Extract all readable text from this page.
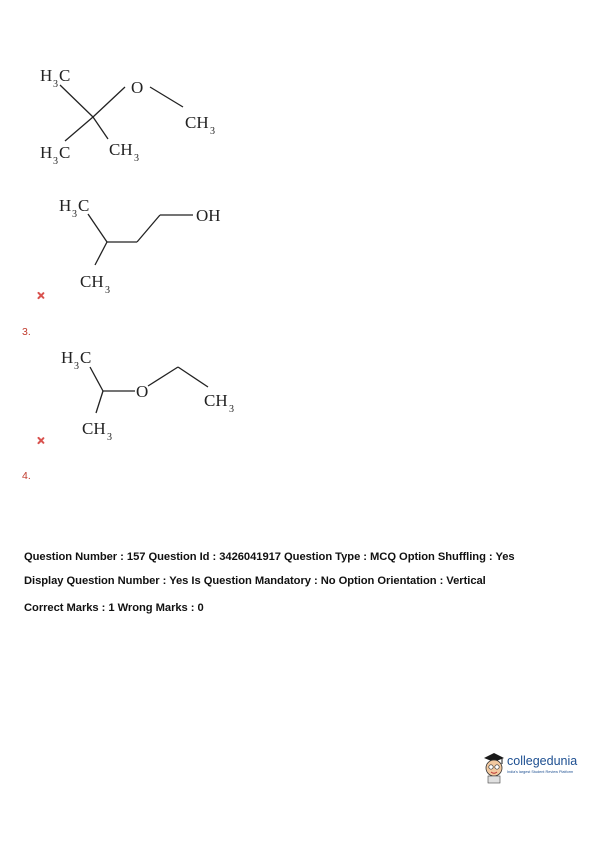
H 3 C
O
CH 3
H 3 C CH 3
H 3 C
OH
CH 3
3.
H 3 C
O	CH 3
CH 3
4.
Question Number : 157 Question Id : 3426041917 Question Type : MCQ Option Shuffling : Yes
Display Question Number : Yes Is Question Mandatory : No Option Orientation : Vertical
Correct Marks : 1 Wrong Marks : 0
collegedunia
India's largest Student Review Platform
